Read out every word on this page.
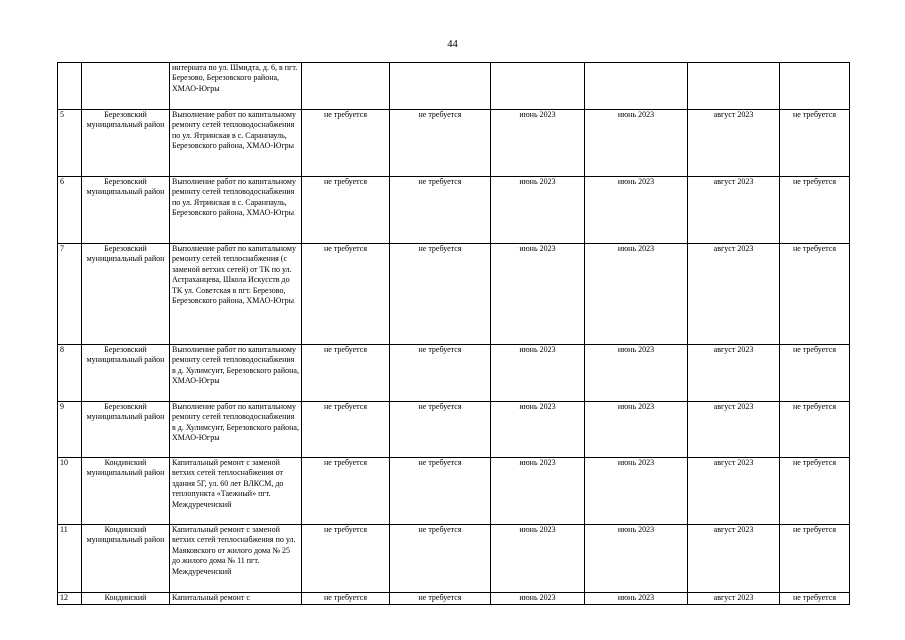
44
		интерната по ул. Шмидта, д. 6, в пгт. Березово, Березовского района, ХМАО-Югры						
5	Березовский муниципальный район	Выполнение работ по капитальному ремонту сетей тепловодоснабжения по ул. Ятринская в с. Саранпауль, Березовского района, ХМАО-Югры	не требуется	не требуется	июнь 2023	июнь 2023	август 2023	не требуется
6	Березовский муниципальный район	Выполнение работ по капитальному ремонту сетей тепловодоснабжения по ул. Ятринская в с. Саранпауль, Березовского района, ХМАО-Югры	не требуется	не требуется	июнь 2023	июнь 2023	август 2023	не требуется
7	Березовский муниципальный район	Выполнение работ по капитальному ремонту сетей теплоснабжения (с заменой ветхих сетей) от ТК по ул. Астраханцева, Школа Искусств до ТК ул. Советская в пгт. Березово, Березовского района, ХМАО-Югры	не требуется	не требуется	июнь 2023	июнь 2023	август 2023	не требуется
8	Березовский муниципальный район	Выполнение работ по капитальному ремонту сетей тепловодоснабжения в д. Хулимсунт, Березовского района, ХМАО-Югры	не требуется	не требуется	июнь 2023	июнь 2023	август 2023	не требуется
9	Березовский муниципальный район	Выполнение работ по капитальному ремонту сетей тепловодоснабжения в д. Хулимсунт, Березовского района, ХМАО-Югры	не требуется	не требуется	июнь 2023	июнь 2023	август 2023	не требуется
10	Кондинский муниципальный район	Капитальный ремонт с заменой ветхих сетей теплоснабжения от здания 5Г, ул. 60 лет ВЛКСМ, до теплопункта «Таежный» пгт. Междуреченский	не требуется	не требуется	июнь 2023	июнь 2023	август 2023	не требуется
11	Кондинский муниципальный район	Капитальный ремонт с заменой ветхих сетей теплоснабжения по ул. Маяковского от жилого дома № 25 до жилого дома № 11 пгт. Междуреченский	не требуется	не требуется	июнь 2023	июнь 2023	август 2023	не требуется
12	Кондинский	Капитальный ремонт с	не требуется	не требуется	июнь 2023	июнь 2023	август 2023	не требуется
